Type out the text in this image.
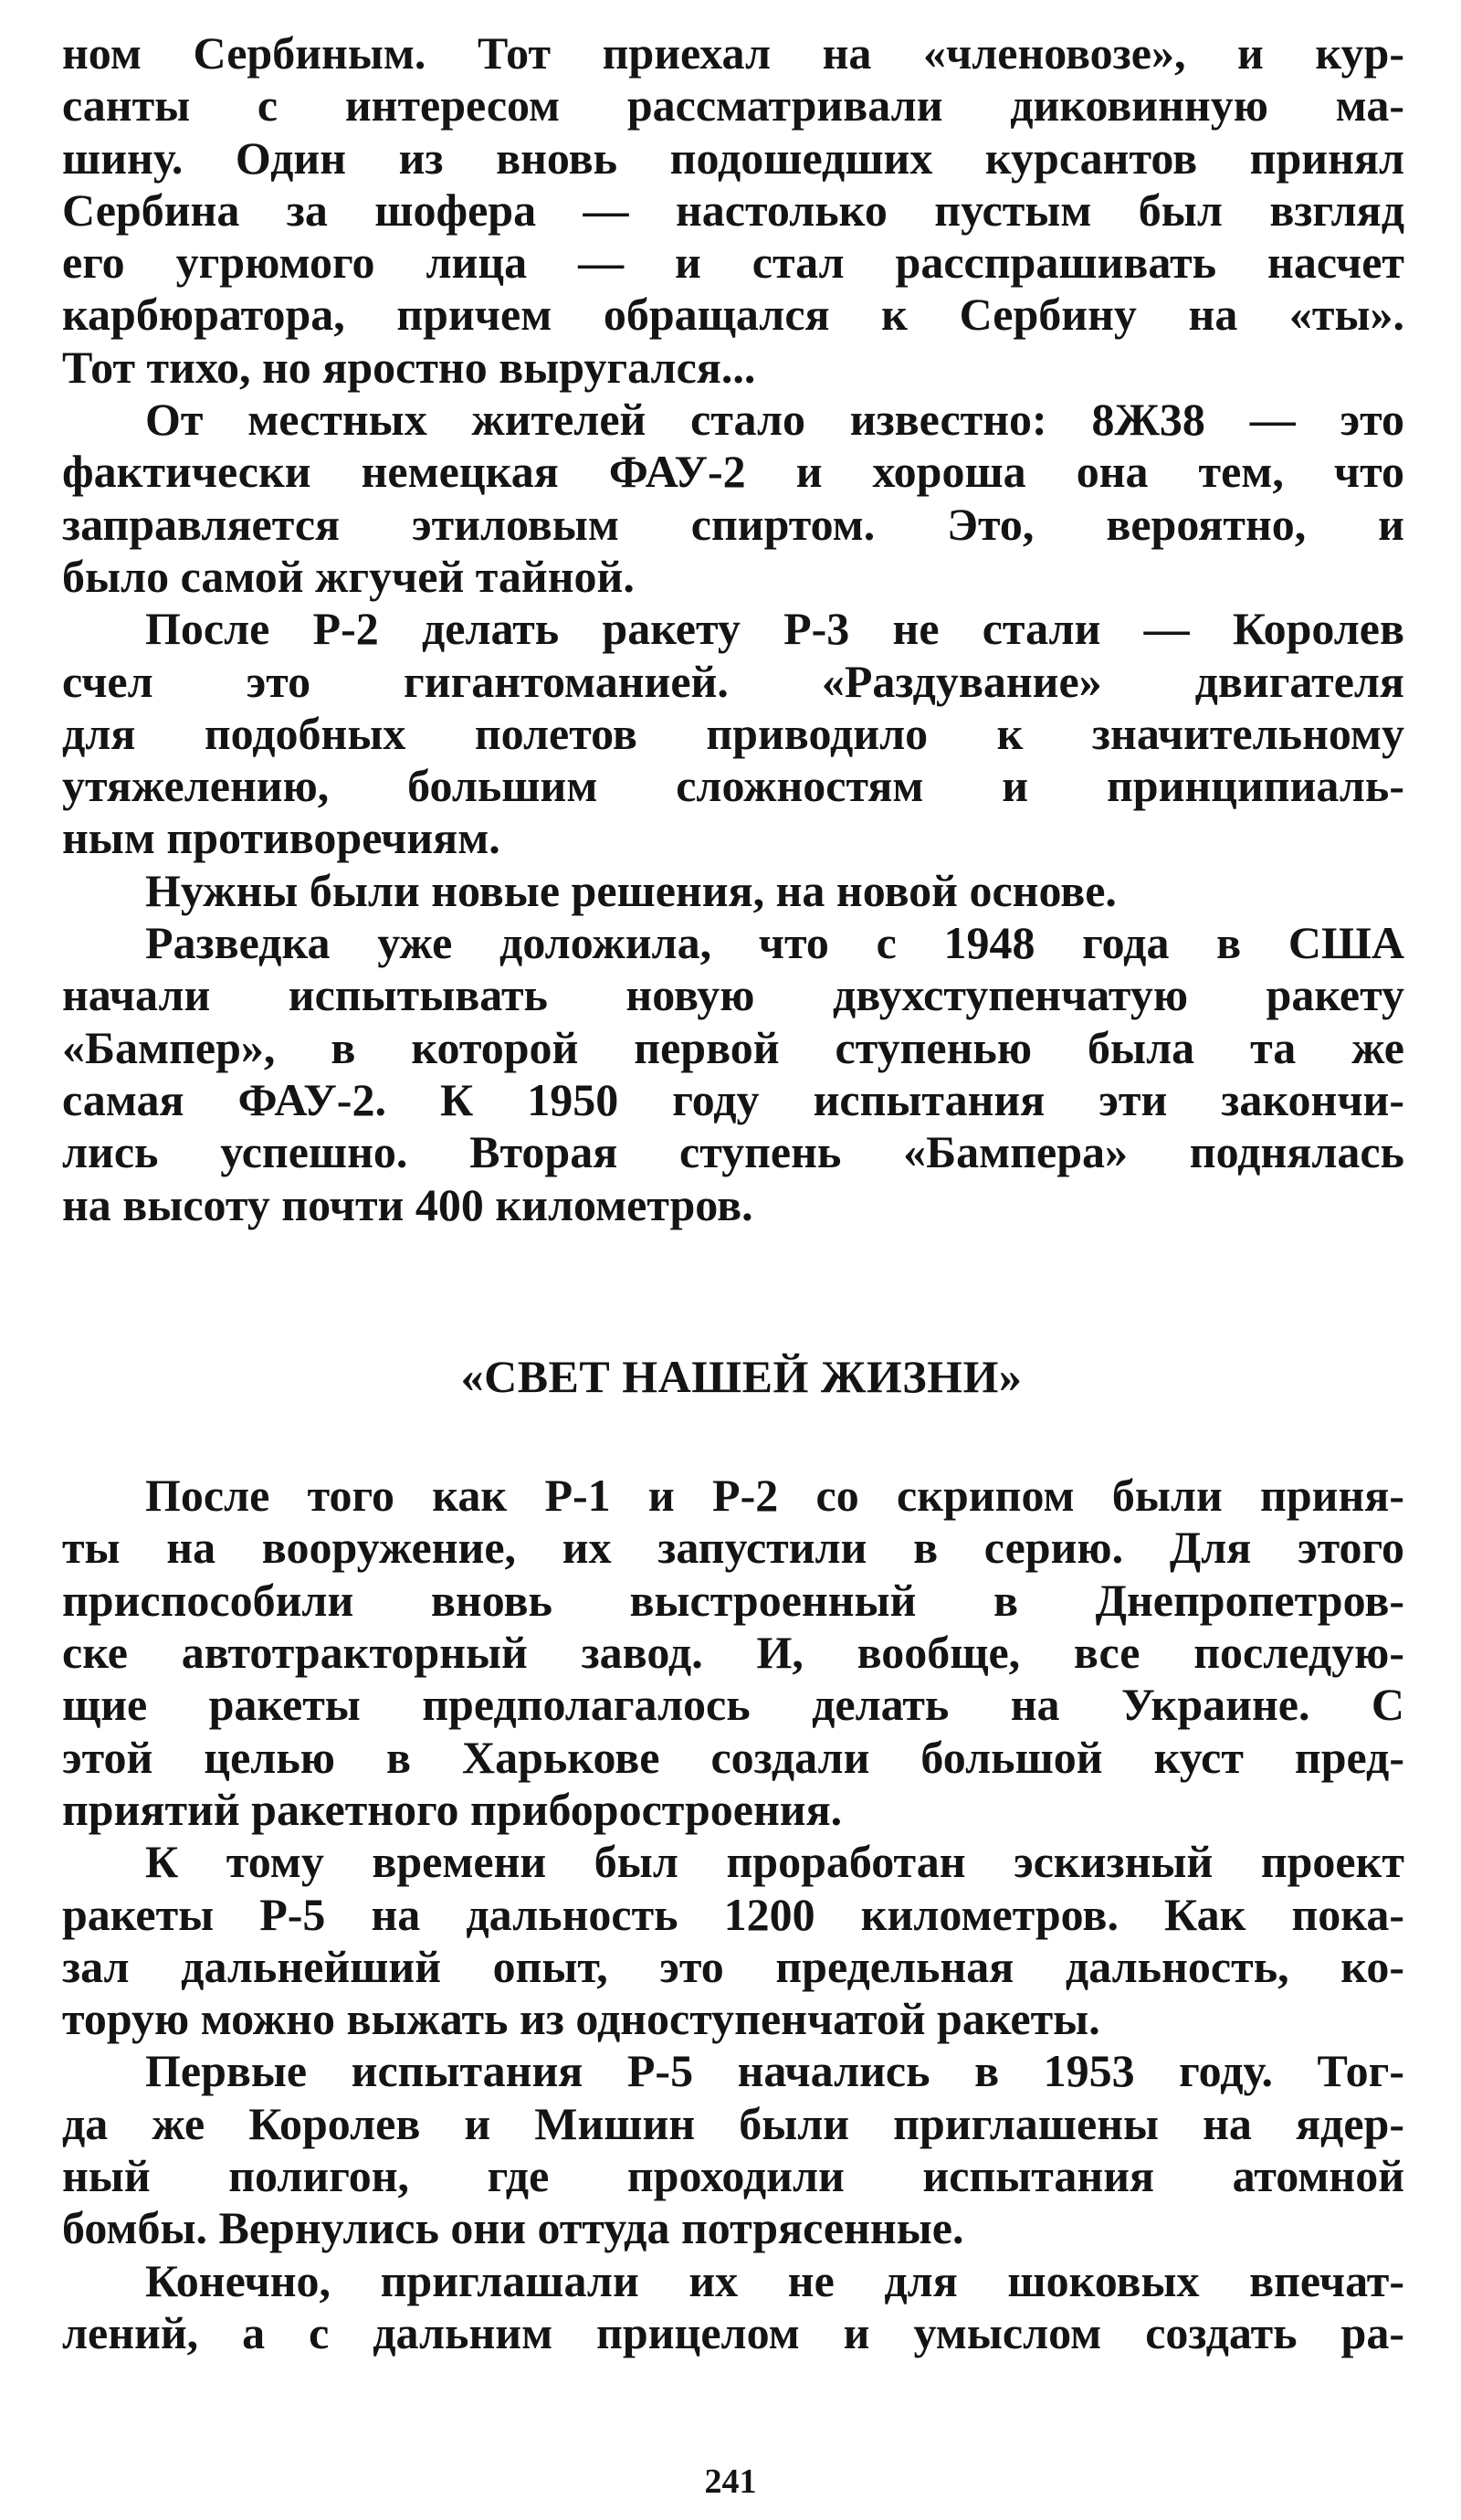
ном Сербиным. Тот приехал на «членовозе», и кур-
санты с интересом рассматривали диковинную ма-
шину. Один из вновь подошедших курсантов принял
Сербина за шофера — настолько пустым был взгляд
его угрюмого лица — и стал расспрашивать насчет
карбюратора, причем обращался к Сербину на «ты».
Тот тихо, но яростно выругался...
От местных жителей стало известно: 8Ж38 — это
фактически немецкая ФАУ-2 и хороша она тем, что
заправляется этиловым спиртом. Это, вероятно, и
было самой жгучей тайной.
После Р-2 делать ракету Р-3 не стали — Королев
счел это гигантоманией. «Раздувание» двигателя
для подобных полетов приводило к значительному
утяжелению, большим сложностям и принципиаль-
ным противоречиям.
Нужны были новые решения, на новой основе.
Разведка уже доложила, что с 1948 года в США
начали испытывать новую двухступенчатую ракету
«Бампер», в которой первой ступенью была та же
самая ФАУ-2. К 1950 году испытания эти закончи-
лись успешно. Вторая ступень «Бампера» поднялась
на высоту почти 400 километров.
«СВЕТ НАШЕЙ ЖИЗНИ»
После того как Р-1 и Р-2 со скрипом были приня-
ты на вооружение, их запустили в серию. Для этого
приспособили вновь выстроенный в Днепропетров-
ске автотракторный завод. И, вообще, все последую-
щие ракеты предполагалось делать на Украине. С
этой целью в Харькове создали большой куст пред-
приятий ракетного приборостроения.
К тому времени был проработан эскизный проект
ракеты Р-5 на дальность 1200 километров. Как пока-
зал дальнейший опыт, это предельная дальность, ко-
торую можно выжать из одноступенчатой ракеты.
Первые испытания Р-5 начались в 1953 году. Тог-
да же Королев и Мишин были приглашены на ядер-
ный полигон, где проходили испытания атомной
бомбы. Вернулись они оттуда потрясенные.
Конечно, приглашали их не для шоковых впечат-
лений, а с дальним прицелом и умыслом создать ра-
241
